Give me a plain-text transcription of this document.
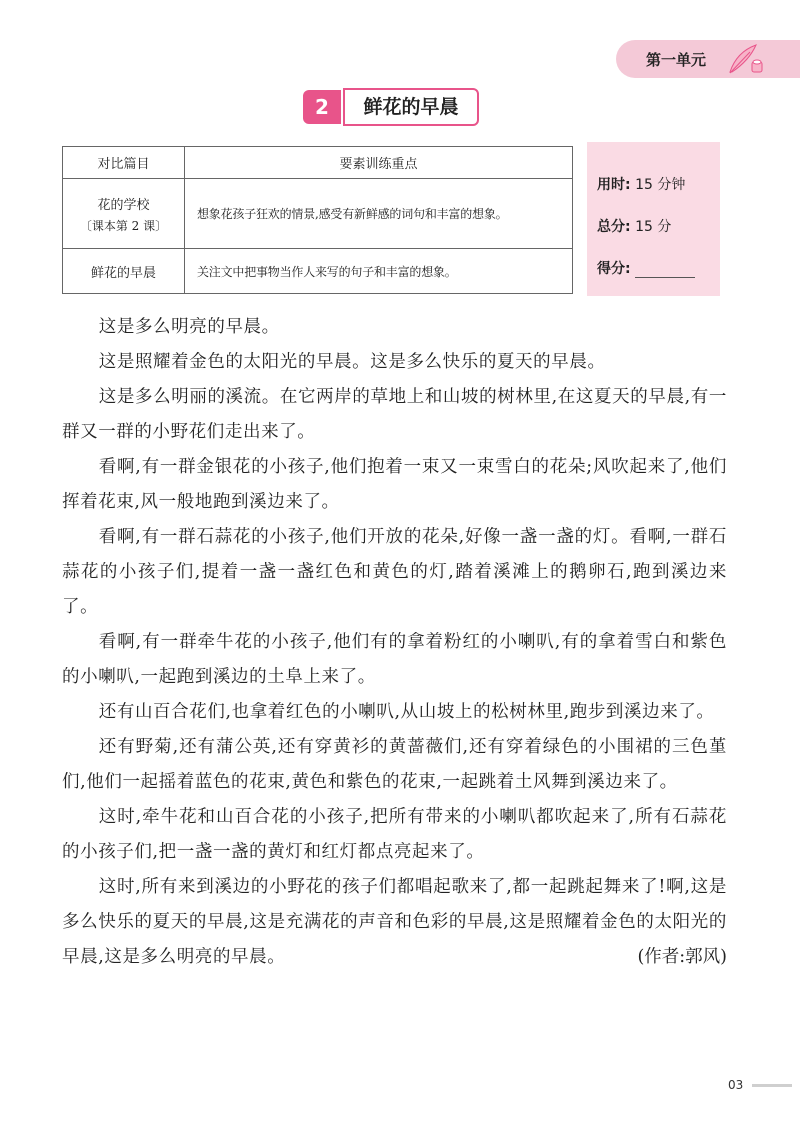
第一单元
2	鲜花的早晨
对比篇目	要素训练重点

花的学校
〔课本第 2 课〕	想象花孩子狂欢的情景,感受有新鲜感的词句和丰富的想象。

鲜花的早晨	关注文中把事物当作人来写的句子和丰富的想象。
用时: 15 分钟
总分: 15 分
得分:

这是多么明亮的早晨。

这是照耀着金色的太阳光的早晨。这是多么快乐的夏天的早晨。

这是多么明丽的溪流。在它两岸的草地上和山坡的树林里,在这夏天的早晨,有一群又一群的小野花们走出来了。

看啊,有一群金银花的小孩子,他们抱着一束又一束雪白的花朵;风吹起来了,他们挥着花束,风一般地跑到溪边来了。

看啊,有一群石蒜花的小孩子,他们开放的花朵,好像一盏一盏的灯。看啊,一群石蒜花的小孩子们,提着一盏一盏红色和黄色的灯,踏着溪滩上的鹅卵石,跑到溪边来了。

看啊,有一群牵牛花的小孩子,他们有的拿着粉红的小喇叭,有的拿着雪白和紫色的小喇叭,一起跑到溪边的土阜上来了。

还有山百合花们,也拿着红色的小喇叭,从山坡上的松树林里,跑步到溪边来了。

还有野菊,还有蒲公英,还有穿黄衫的黄蔷薇们,还有穿着绿色的小围裙的三色堇们,他们一起摇着蓝色的花束,黄色和紫色的花束,一起跳着土风舞到溪边来了。

这时,牵牛花和山百合花的小孩子,把所有带来的小喇叭都吹起来了,所有石蒜花的小孩子们,把一盏一盏的黄灯和红灯都点亮起来了。

这时,所有来到溪边的小野花的孩子们都唱起歌来了,都一起跳起舞来了!啊,这是多么快乐的夏天的早晨,这是充满花的声音和色彩的早晨,这是照耀着金色的太阳光的早晨,这是多么明亮的早晨。	(作者:郭风)

03
